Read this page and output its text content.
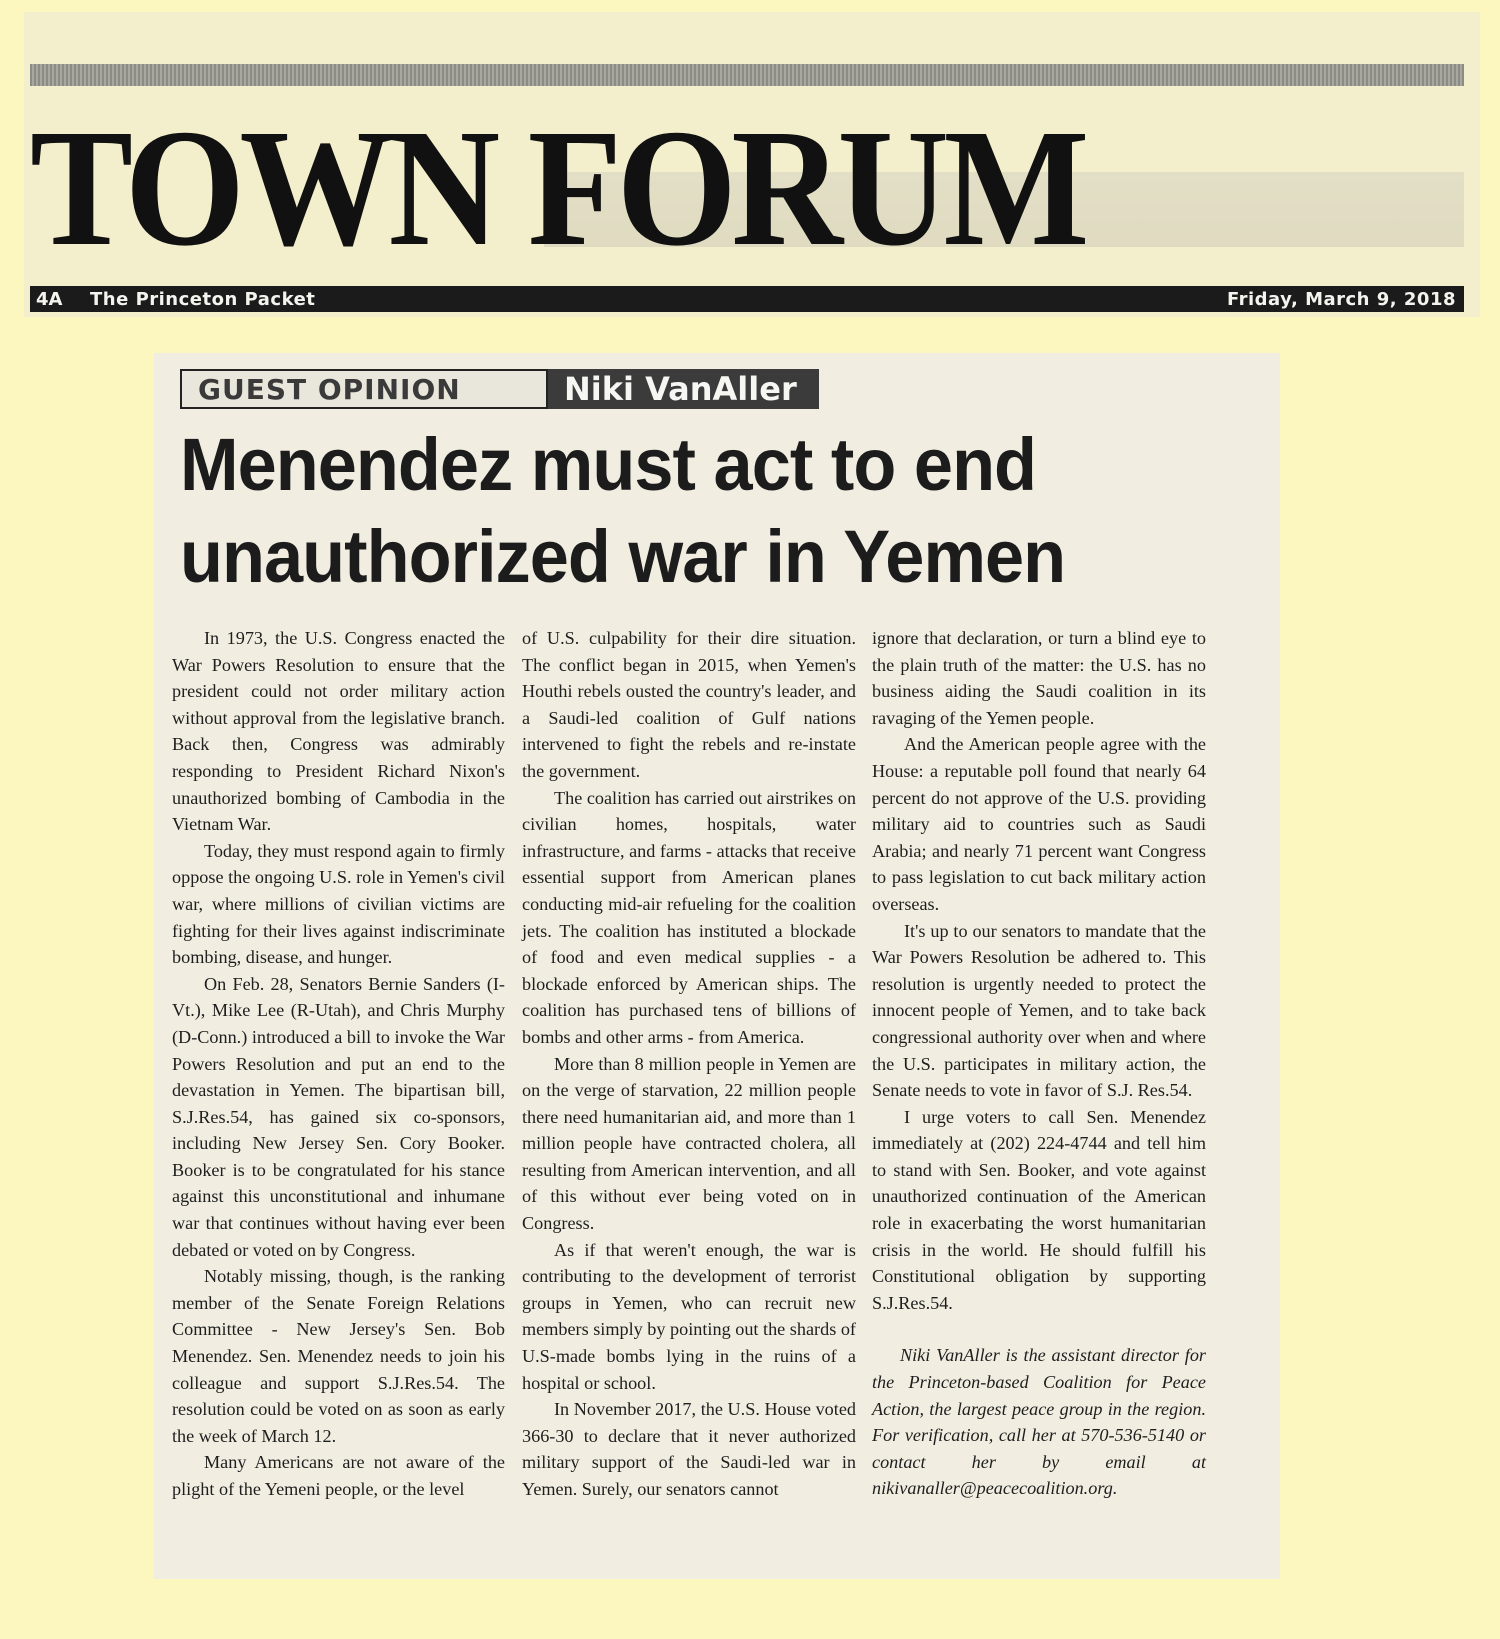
TOWN FORUM
4A	The Princeton Packet	Friday, March 9, 2018
GUEST OPINION	Niki VanAller
Menendez must act to end unauthorized war in Yemen

In 1973, the U.S. Congress enacted the War Powers Resolution to ensure that the president could not order military action without approval from the legislative branch. Back then, Congress was admirably responding to President Richard Nixon's unauthorized bombing of Cambodia in the Vietnam War.

Today, they must respond again to firmly oppose the ongoing U.S. role in Yemen's civil war, where millions of civilian victims are fighting for their lives against indiscriminate bombing, disease, and hunger.

On Feb. 28, Senators Bernie Sanders (I-Vt.), Mike Lee (R-Utah), and Chris Murphy (D-Conn.) introduced a bill to invoke the War Powers Resolution and put an end to the devastation in Yemen. The bipartisan bill, S.J.Res.54, has gained six co-sponsors, including New Jersey Sen. Cory Booker. Booker is to be congratulated for his stance against this unconstitutional and inhumane war that continues without having ever been debated or voted on by Congress.

Notably missing, though, is the ranking member of the Senate Foreign Relations Committee - New Jersey's Sen. Bob Menendez. Sen. Menendez needs to join his colleague and support S.J.Res.54. The resolution could be voted on as soon as early the week of March 12.

Many Americans are not aware of the plight of the Yemeni people, or the level

of U.S. culpability for their dire situation. The conflict began in 2015, when Yemen's Houthi rebels ousted the country's leader, and a Saudi-led coalition of Gulf nations intervened to fight the rebels and re-instate the government.

The coalition has carried out airstrikes on civilian homes, hospitals, water infrastructure, and farms - attacks that receive essential support from American planes conducting mid-air refueling for the coalition jets. The coalition has instituted a blockade of food and even medical supplies - a blockade enforced by American ships. The coalition has purchased tens of billions of bombs and other arms - from America.

More than 8 million people in Yemen are on the verge of starvation, 22 million people there need humanitarian aid, and more than 1 million people have contracted cholera, all resulting from American intervention, and all of this without ever being voted on in Congress.

As if that weren't enough, the war is contributing to the development of terrorist groups in Yemen, who can recruit new members simply by pointing out the shards of U.S-made bombs lying in the ruins of a hospital or school.

In November 2017, the U.S. House voted 366-30 to declare that it never authorized military support of the Saudi-led war in Yemen. Surely, our senators cannot

ignore that declaration, or turn a blind eye to the plain truth of the matter: the U.S. has no business aiding the Saudi coalition in its ravaging of the Yemen people.

And the American people agree with the House: a reputable poll found that nearly 64 percent do not approve of the U.S. providing military aid to countries such as Saudi Arabia; and nearly 71 percent want Congress to pass legislation to cut back military action overseas.

It's up to our senators to mandate that the War Powers Resolution be adhered to. This resolution is urgently needed to protect the innocent people of Yemen, and to take back congressional authority over when and where the U.S. participates in military action, the Senate needs to vote in favor of S.J. Res.54.

I urge voters to call Sen. Menendez immediately at (202) 224-4744 and tell him to stand with Sen. Booker, and vote against unauthorized continuation of the American role in exacerbating the worst humanitarian crisis in the world. He should fulfill his Constitutional obligation by supporting S.J.Res.54.

Niki VanAller is the assistant director for the Princeton-based Coalition for Peace Action, the largest peace group in the region. For verification, call her at 570-536-5140 or contact her by email at nikivanaller@peacecoalition.org.
